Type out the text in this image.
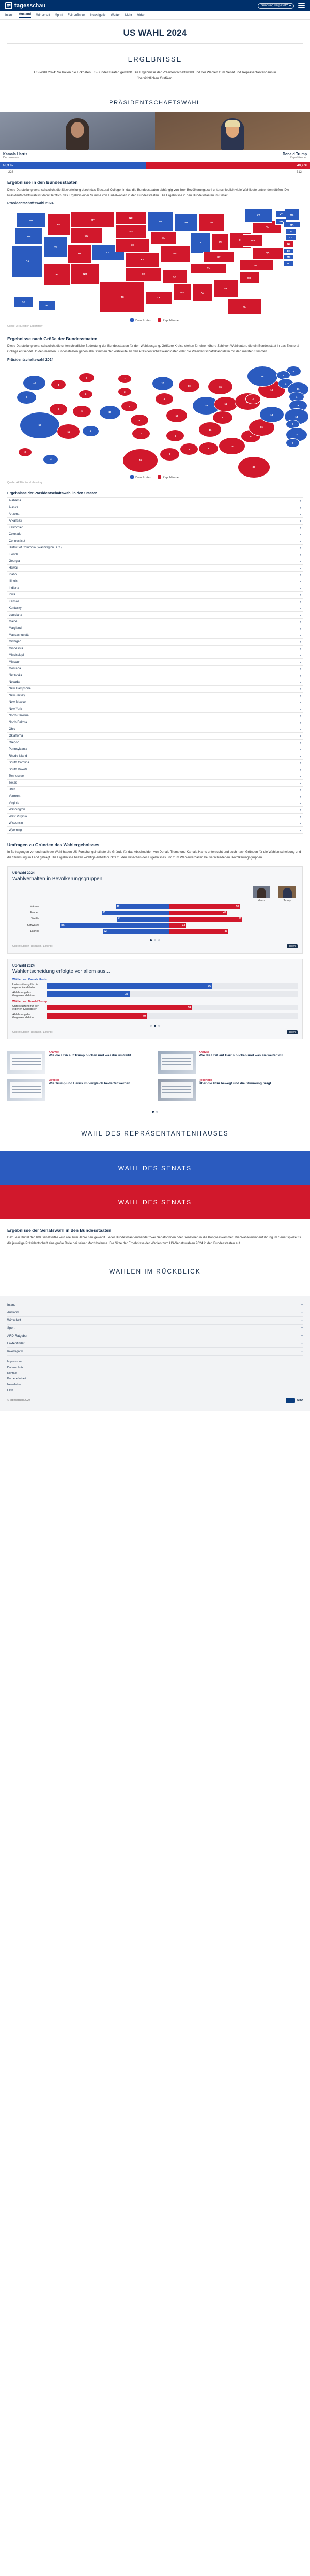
tagesschau	Sendung verpasst? ▾
Inland Ausland Wirtschaft Sport Faktenfinder Investigativ Wetter Mehr Video
US WAHL 2024
ERGEBNISSE
US-Wahl 2024: So hallen die Eckdaten US-Bundesstaaten gewählt. Die Ergebnisse der Präsidentschaftswahl und der Wahlen zum Senat und Repräsentantenhaus in übersichtlichen Grafiken.
PRÄSIDENTSCHAFTSWAHL
Kamala Harris
Demokraten
Donald Trump
Republikaner
48,3 %	49,9 %
226	312
Ergebnisse in den Bundesstaaten

Diese Darstellung veranschaulicht die Sitzverteilung durch das Electoral College. In das die Bundesstaaten abhängig von ihrer Bevölkerungszahl unterschiedlich viele Wahlleute entsenden dürfen. Die Präsidentschaftswahl ist damit letztlich das Ergebnis einer Summe von Einzelwahlen in den Bundesstaaten. Die Ergebnisse in den Bundesstaaten im Detail:

Präsidentschaftswahl 2024
WA
OR
CA
NV
ID
MT
WY
UT
AZ
CO
NM
ND
SD
NE
KS
OK
TX
MN
IA
MO
AR
LA
WI
IL
MI
IN
OH
KY
TN
MS	AL
GA
FL
SC
NC
VA
WV
PA
NY	ME
VT
NH
MA
RI
CT
NJ
DE
MD
DC
HI
AK
Demokraten	Republikaner
Quelle: AP/Election-Laboratory
Ergebnisse nach Größe der Bundesstaaten

Diese Darstellung veranschaulicht die unterschiedliche Bedeutung der Bundesstaaten für den Wahlausgang. Größere Kreise stehen für eine höhere Zahl von Wahlleuten, die ein Bundesstaat in das Electoral College entsendet. In den meisten Bundesstaaten gehen alle Stimmen der Wahlleute an den Präsidentschaftskandidaten oder die Präsidentschaftskandidatin mit den meisten Stimmen.

Präsidentschaftswahl 2024
12
8
54
6
4
4
3
6
11
10
5
3
3
5
6
7
40
10
6
10
6
8
10
19
15
11
8
11
6	9
16
30
9
16
13
4
19
28
4
3
4
11
4
7
14
3
10
3
4
3
Demokraten	Republikaner
Quelle: AP/Election-Laboratory
Ergebnisse der Präsidentschaftswahl in den Staaten
Alabama	▾
Alaska	▾
Arizona	▾
Arkansas	▾
Kalifornien	▾
Colorado	▾
Connecticut	▾
District of Columbia (Washington D.C.)	▾
Florida	▾
Georgia	▾
Hawaii	▾
Idaho	▾
Illinois	▾
Indiana	▾
Iowa	▾
Kansas	▾
Kentucky	▾
Louisiana	▾
Maine	▾
Maryland	▾
Massachusetts	▾
Michigan	▾
Minnesota	▾
Mississippi	▾
Missouri	▾
Montana	▾
Nebraska	▾
Nevada	▾
New Hampshire	▾
New Jersey	▾
New Mexico	▾
New York	▾
North Carolina	▾
North Dakota	▾
Ohio	▾
Oklahoma	▾
Oregon	▾
Pennsylvania	▾
Rhode Island	▾
South Carolina	▾
South Dakota	▾
Tennessee	▾
Texas	▾
Utah	▾
Vermont	▾
Virginia	▾
Washington	▾
West Virginia	▾
Wisconsin	▾
Wyoming	▾
Umfragen zu Gründen des Wahlergebnisses

In Befragungen vor und nach der Wahl haben US-Forschungsinstitute die Gründe für das Abschneiden von Donald Trump und Kamala Harris untersucht und auch nach Gründen für die Wahlentscheidung und die Stimmung im Land gefragt. Die Ergebnisse helfen wichtige Anhaltspunkte zu den Ursachen des Ergebnisses und zum Wählerverhalten bei verschiedenen Bevölkerungsgruppen.

US-Wahl 2024
Wahlverhalten in Bevölkerungsgruppen
Harris	Trump
Männer	42	55
Frauen	53	45
Weiße	41	57
Schwarze	85	13
Latinos	52	46
Quelle: Edison Research / Exit Poll	Teilen
US-Wahl 2024
Wahlentscheidung erfolgte vor allem aus...
Wähler von Kamala Harris
Unterstützung für die eigene Kandidatin	66
Ablehnung des Gegenkandidaten	33
Wähler von Donald Trump
Unterstützung für den eigenen Kandidaten	58
Ablehnung der Gegenkandidatin	40
Quelle: Edison Research / Exit Poll	Teilen
Analyse
Wie die USA auf Trump blicken und was ihn umtreibt
Analyse
Wie die USA auf Harris blicken und was sie weiter will
Liveblog
Wie Trump und Harris im Vergleich bewertet werden
Reportage
Über die USA bewegt und die Stimmung prägt
WAHL DES REPRÄSENTANTENHAUSES
WAHL DES SENATS
WAHL DES SENATS
Ergebnisse der Senatswahl in den Bundesstaaten

Dazu ein Drittel der 100 Senatssitze wird alle zwei Jahre neu gewählt. Jeder Bundesstaat entsendet zwei Senatorinnen oder Senatoren in die Kongresskammer. Die Wahlkreisinnenführung im Senat spielte für die jeweilige Präsidentschaft eine große Rolle bei seiner Machtbalance. Die Sitze der Ergebnisse der Wahlen zum US-Senatswahlen 2024 in den Bundesstaaten auf.

WAHLEN IM RÜCKBLICK
Inland	▾
Ausland	▾
Wirtschaft	▾
Sport	▾
ARD-Ratgeber	▾
Faktenfinder	▾
Investigativ	▾
Impressum
Datenschutz
Kontakt
Barrierefreiheit
Newsletter
Hilfe
© tagesschau 2024	ARD
